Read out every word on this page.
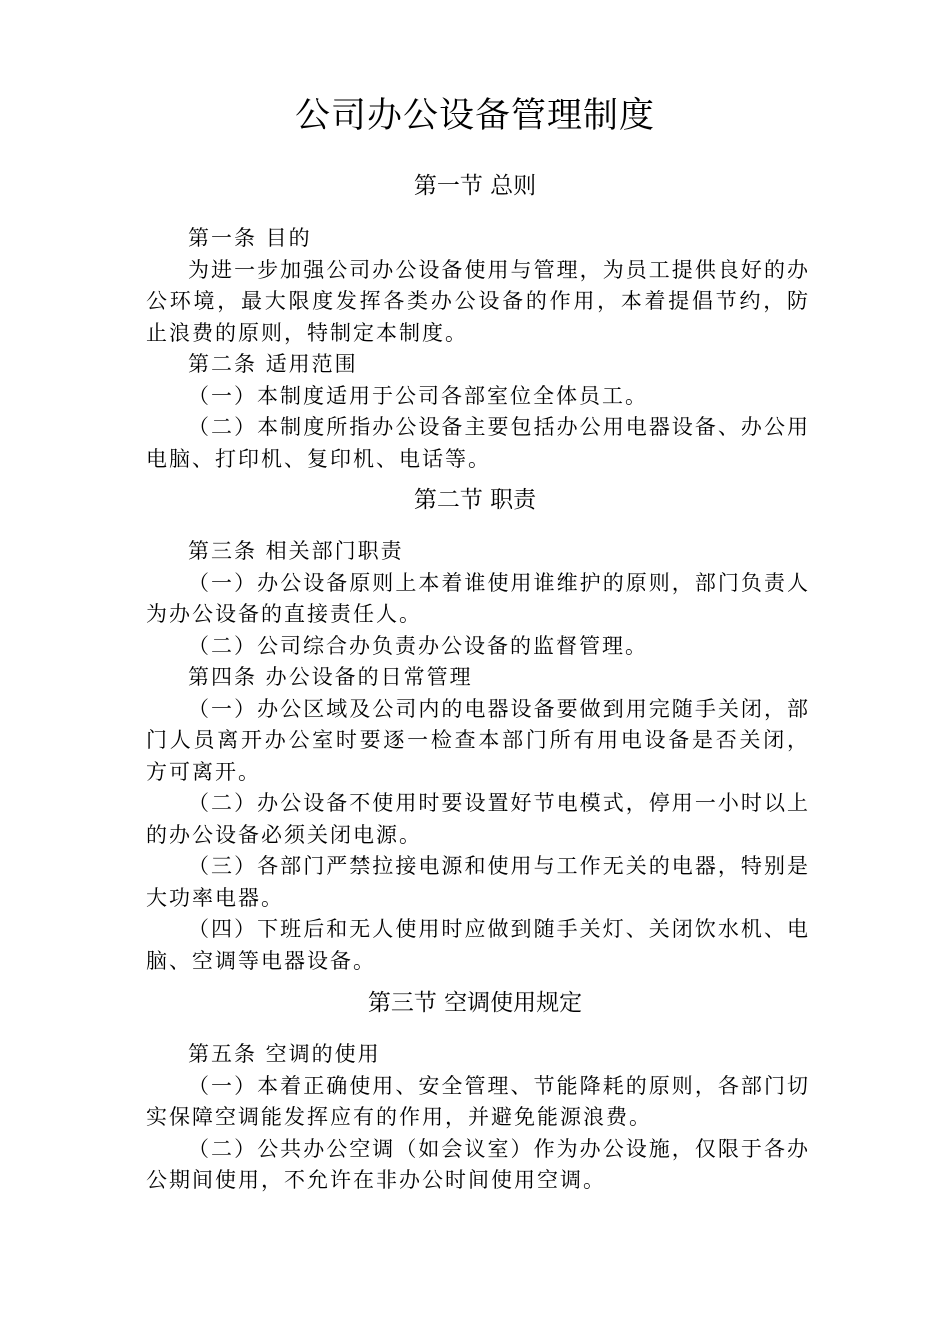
公司办公设备管理制度
第一节 总则

第一条 目的

为进一步加强公司办公设备使用与管理，为员工提供良好的办公环境，最大限度发挥各类办公设备的作用，本着提倡节约，防止浪费的原则，特制定本制度。

第二条 适用范围

（一）本制度适用于公司各部室位全体员工。

（二）本制度所指办公设备主要包括办公用电器设备、办公用电脑、打印机、复印机、电话等。

第二节 职责

第三条 相关部门职责

（一）办公设备原则上本着谁使用谁维护的原则，部门负责人为办公设备的直接责任人。

（二）公司综合办负责办公设备的监督管理。

第四条 办公设备的日常管理

（一）办公区域及公司内的电器设备要做到用完随手关闭，部门人员离开办公室时要逐一检查本部门所有用电设备是否关闭，方可离开。

（二）办公设备不使用时要设置好节电模式，停用一小时以上的办公设备必须关闭电源。

（三）各部门严禁拉接电源和使用与工作无关的电器，特别是大功率电器。

（四）下班后和无人使用时应做到随手关灯、关闭饮水机、电脑、空调等电器设备。

第三节 空调使用规定

第五条 空调的使用

（一）本着正确使用、安全管理、节能降耗的原则，各部门切实保障空调能发挥应有的作用，并避免能源浪费。

（二）公共办公空调（如会议室）作为办公设施，仅限于各办公期间使用，不允许在非办公时间使用空调。
